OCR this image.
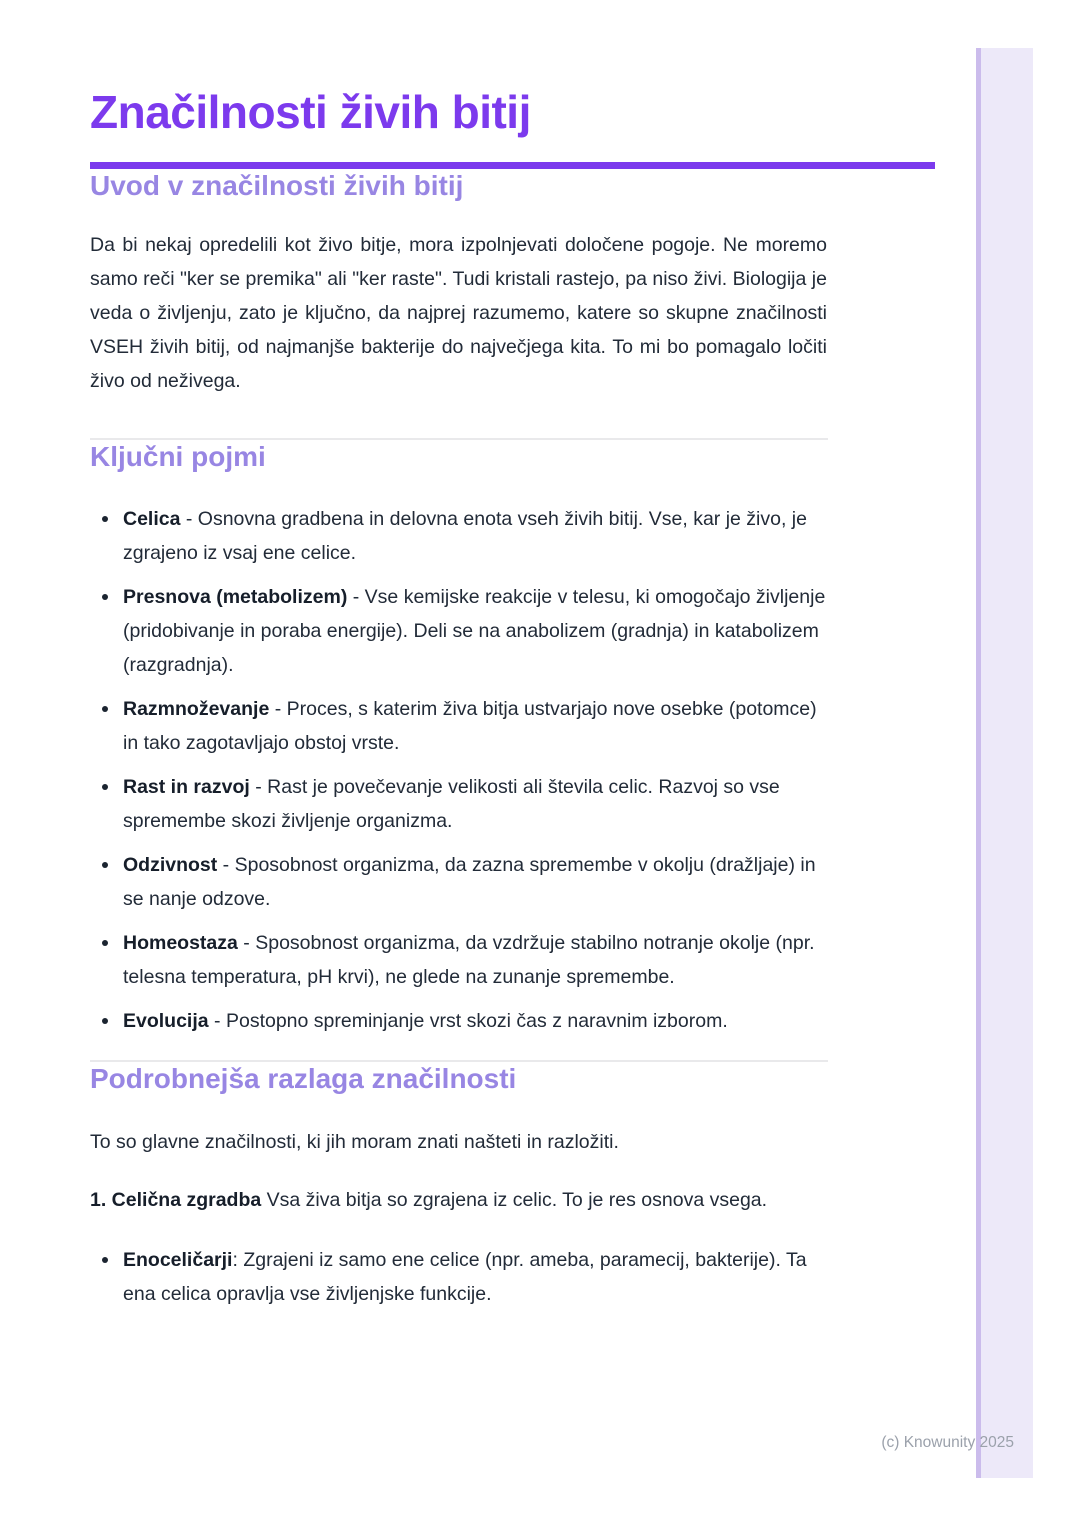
Značilnosti živih bitij
Uvod v značilnosti živih bitij

Da bi nekaj opredelili kot živo bitje, mora izpolnjevati določene pogoje. Ne moremo samo reči "ker se premika" ali "ker raste". Tudi kristali rastejo, pa niso živi. Biologija je veda o življenju, zato je ključno, da najprej razumemo, katere so skupne značilnosti VSEH živih bitij, od najmanjše bakterije do največjega kita. To mi bo pomagalo ločiti živo od neživega.

Ključni pojmi
Celica - Osnovna gradbena in delovna enota vseh živih bitij. Vse, kar je živo, je zgrajeno iz vsaj ene celice.
Presnova (metabolizem) - Vse kemijske reakcije v telesu, ki omogočajo življenje (pridobivanje in poraba energije). Deli se na anabolizem (gradnja) in katabolizem (razgradnja).
Razmnoževanje - Proces, s katerim živa bitja ustvarjajo nove osebke (potomce) in tako zagotavljajo obstoj vrste.
Rast in razvoj - Rast je povečevanje velikosti ali števila celic. Razvoj so vse spremembe skozi življenje organizma.
Odzivnost - Sposobnost organizma, da zazna spremembe v okolju (dražljaje) in se nanje odzove.
Homeostaza - Sposobnost organizma, da vzdržuje stabilno notranje okolje (npr. telesna temperatura, pH krvi), ne glede na zunanje spremembe.
Evolucija - Postopno spreminjanje vrst skozi čas z naravnim izborom.
Podrobnejša razlaga značilnosti

To so glavne značilnosti, ki jih moram znati našteti in razložiti.

1. Celična zgradba Vsa živa bitja so zgrajena iz celic. To je res osnova vsega.

Enoceličarji: Zgrajeni iz samo ene celice (npr. ameba, paramecij, bakterije). Ta ena celica opravlja vse življenjske funkcije.
(c) Knowunity 2025
